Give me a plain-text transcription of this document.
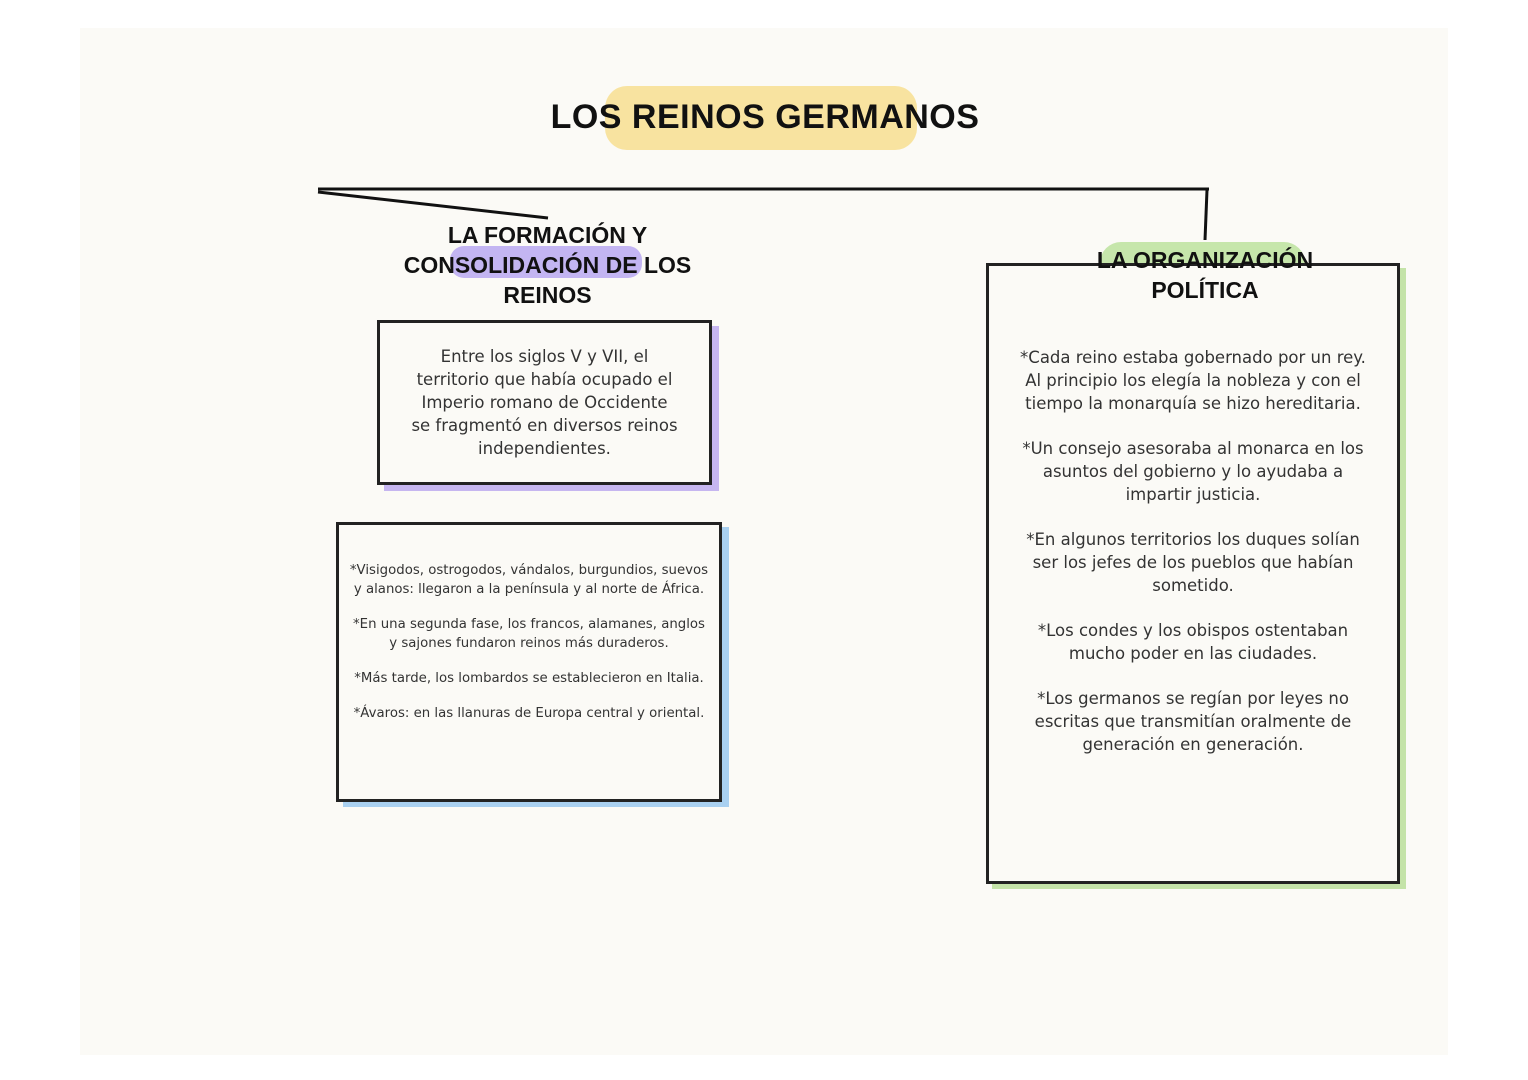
LOS REINOS GERMANOS
LA FORMACIÓN Y CONSOLIDACIÓN DE LOS REINOS
LA ORGANIZACIÓN POLÍTICA

Entre los siglos V y VII, el territorio que había ocupado el Imperio romano de Occidente se fragmentó en diversos reinos independientes.

*Visigodos, ostrogodos, vándalos, burgundios, suevos y alanos: llegaron a la península y al norte de África.

*En una segunda fase, los francos, alamanes, anglos y sajones fundaron reinos más duraderos.

*Más tarde, los lombardos se establecieron en Italia.

*Ávaros: en las llanuras de Europa central y oriental.

*Cada reino estaba gobernado por un rey.
Al principio los elegía la nobleza y con el tiempo la monarquía se hizo hereditaria.

*Un consejo asesoraba al monarca en los asuntos del gobierno y lo ayudaba a impartir justicia.

*En algunos territorios los duques solían ser los jefes de los pueblos que habían sometido.

*Los condes y los obispos ostentaban mucho poder en las ciudades.

*Los germanos se regían por leyes no escritas que transmitían oralmente de generación en generación.
